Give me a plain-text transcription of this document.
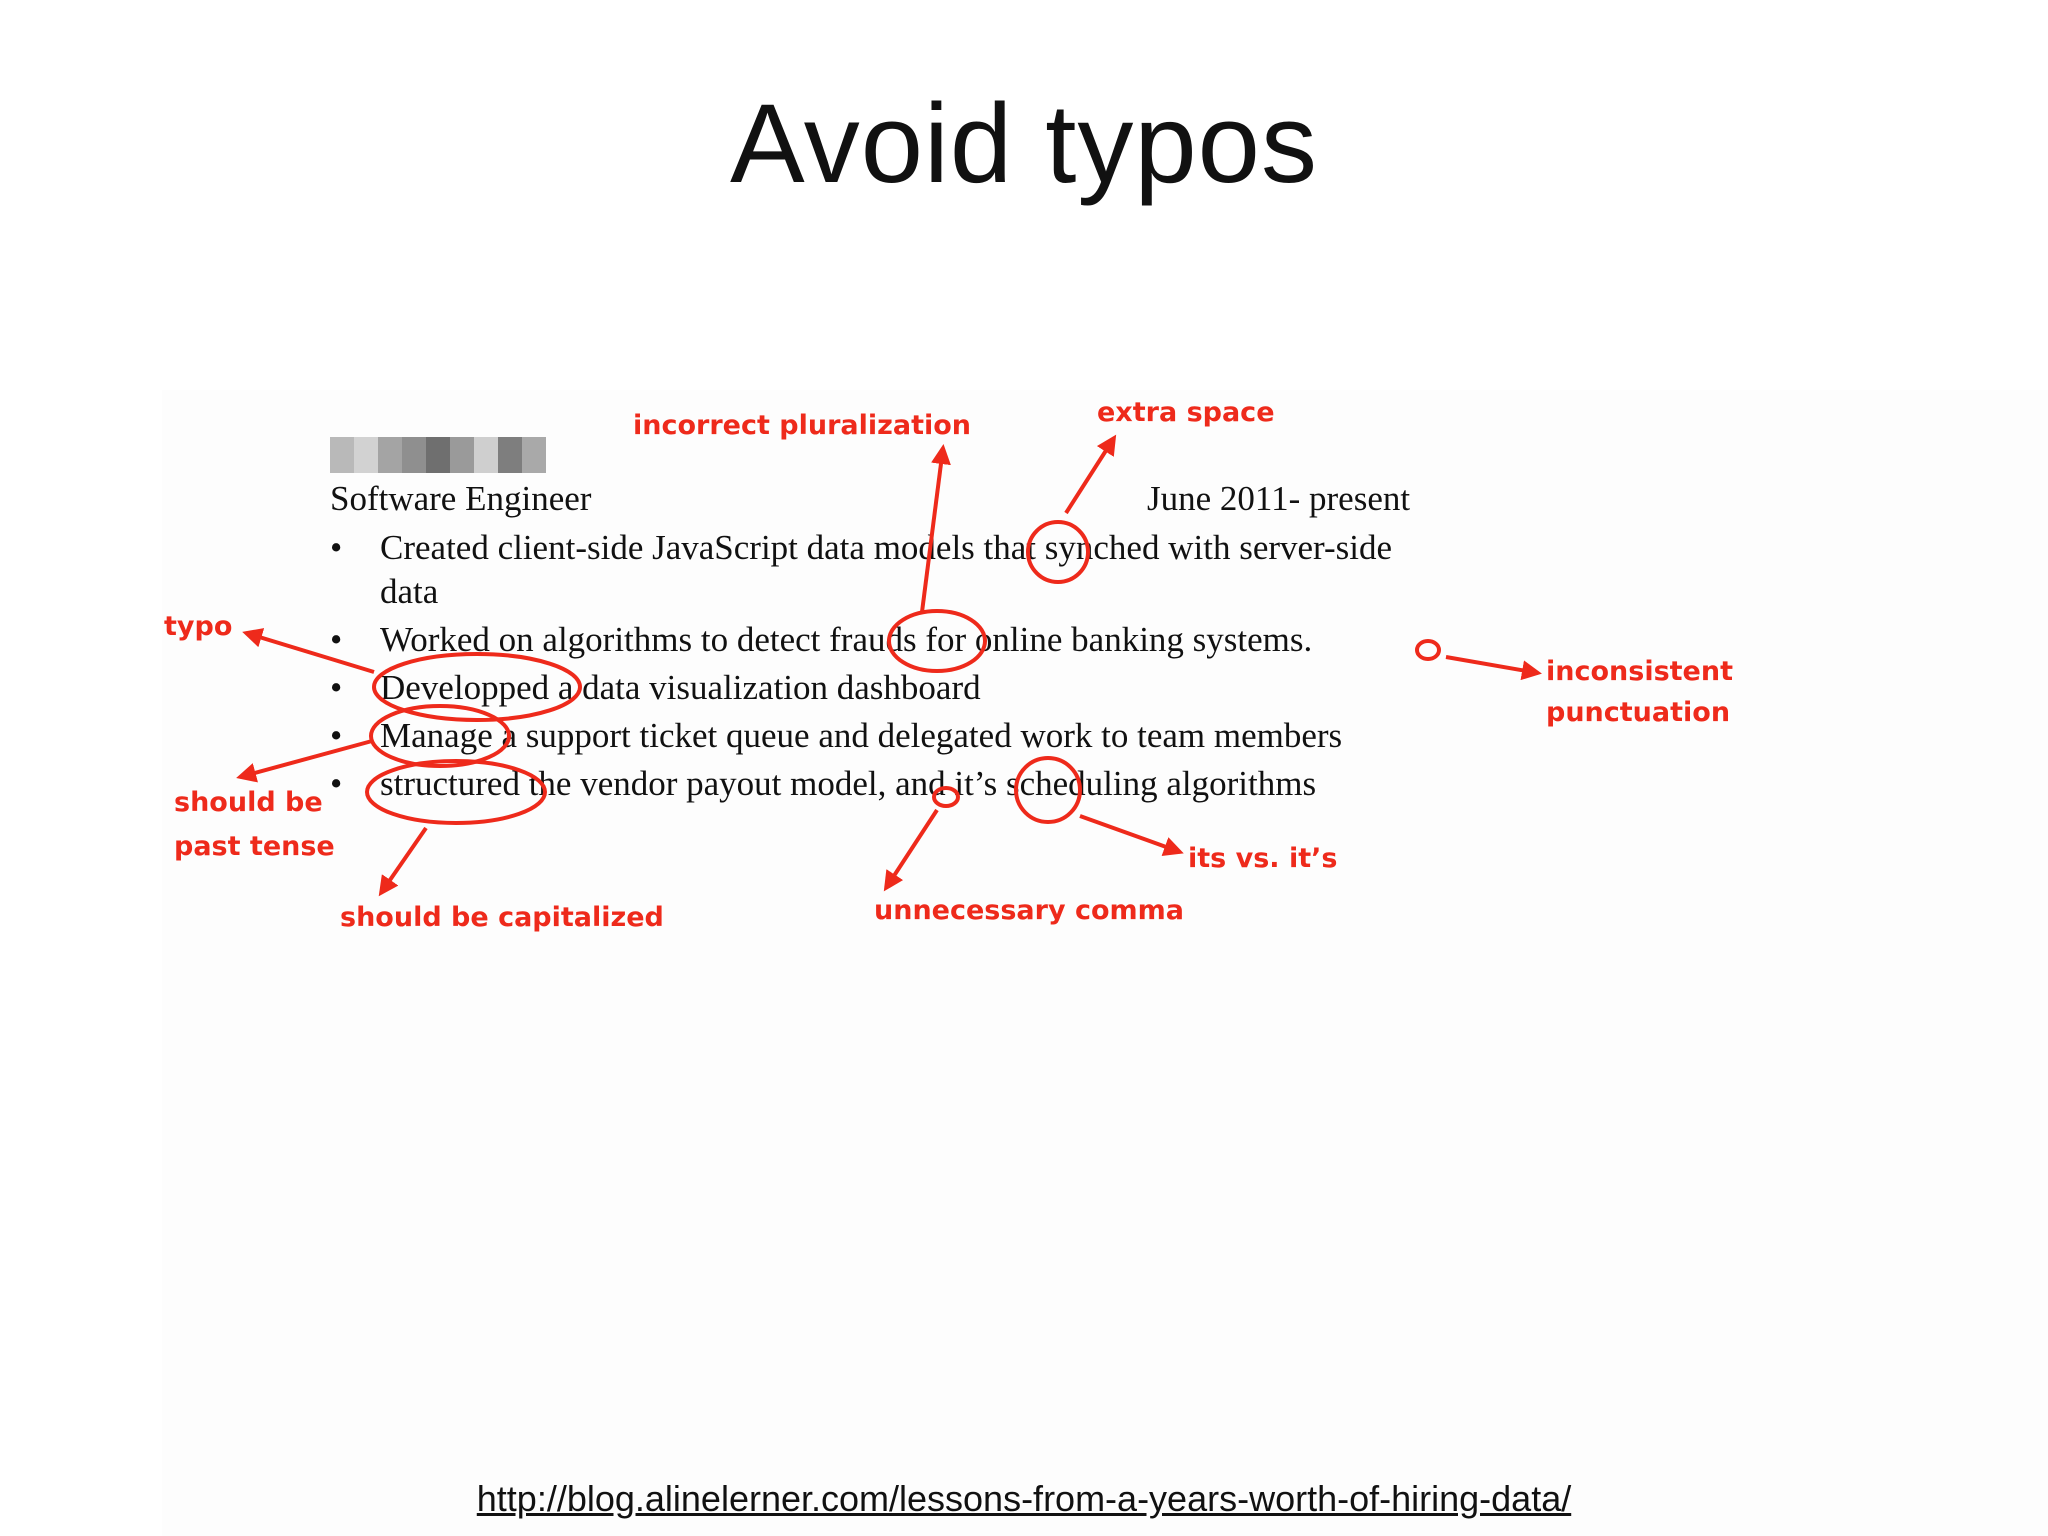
Avoid typos
Software Engineer	June 2011- present
• Created client-side JavaScript data models that synched with server-side
data
• Worked on algorithms to detect frauds for online banking systems.
• Developped a data visualization dashboard
• Manage a support ticket queue and delegated work to team members
• structured the vendor payout model, and it’s scheduling algorithms
incorrect pluralization	extra space
typo
inconsistent
punctuation
should be
past tense
should be capitalized	unnecessary comma
its vs. it’s
http://blog.alinelerner.com/lessons-from-a-years-worth-of-hiring-data/
